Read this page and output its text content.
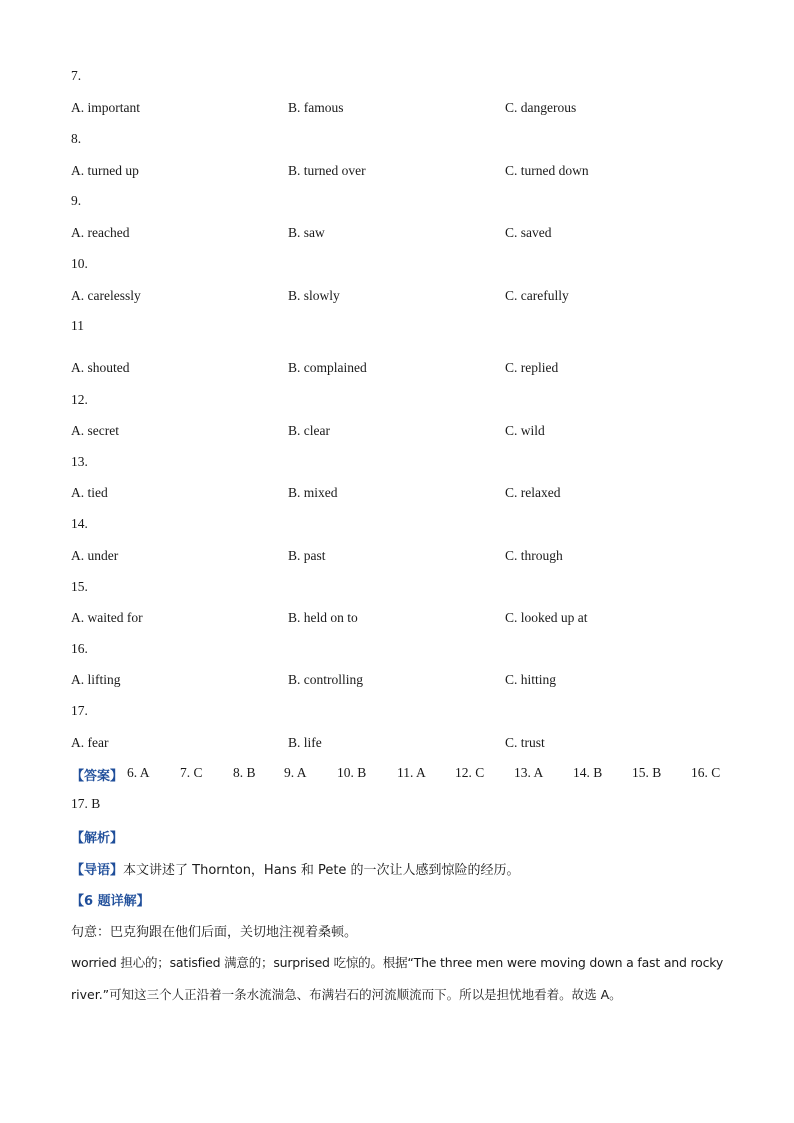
7.
A. important	B. famous	C. dangerous
8.
A. turned up	B. turned over	C. turned down
9.
A. reached	B. saw	C. saved
10.
A. carelessly	B. slowly	C. carefully
11
A. shouted	B. complained	C. replied
12.
A. secret	B. clear	C. wild
13.
A. tied	B. mixed	C. relaxed
14.
A. under	B. past	C. through
15.
A. waited for	B. held on to	C. looked up at
16.
A. lifting	B. controlling	C. hitting
17.
A. fear	B. life	C. trust
【答案】 6. A 7. C 8. B 9. A 10. B 11. A 12. C 13. A 14. B 15. B 16. C
17. B
【解析】
【导语】本文讲述了 Thornton，Hans 和 Pete 的一次让人感到惊险的经历。
【6 题详解】
句意：巴克狗跟在他们后面，关切地注视着桑顿。
worried 担心的；satisfied 满意的；surprised 吃惊的。根据“The three men were moving down a fast and rocky
river.”可知这三个人正沿着一条水流湍急、布满岩石的河流顺流而下。所以是担忧地看着。故选 A。
